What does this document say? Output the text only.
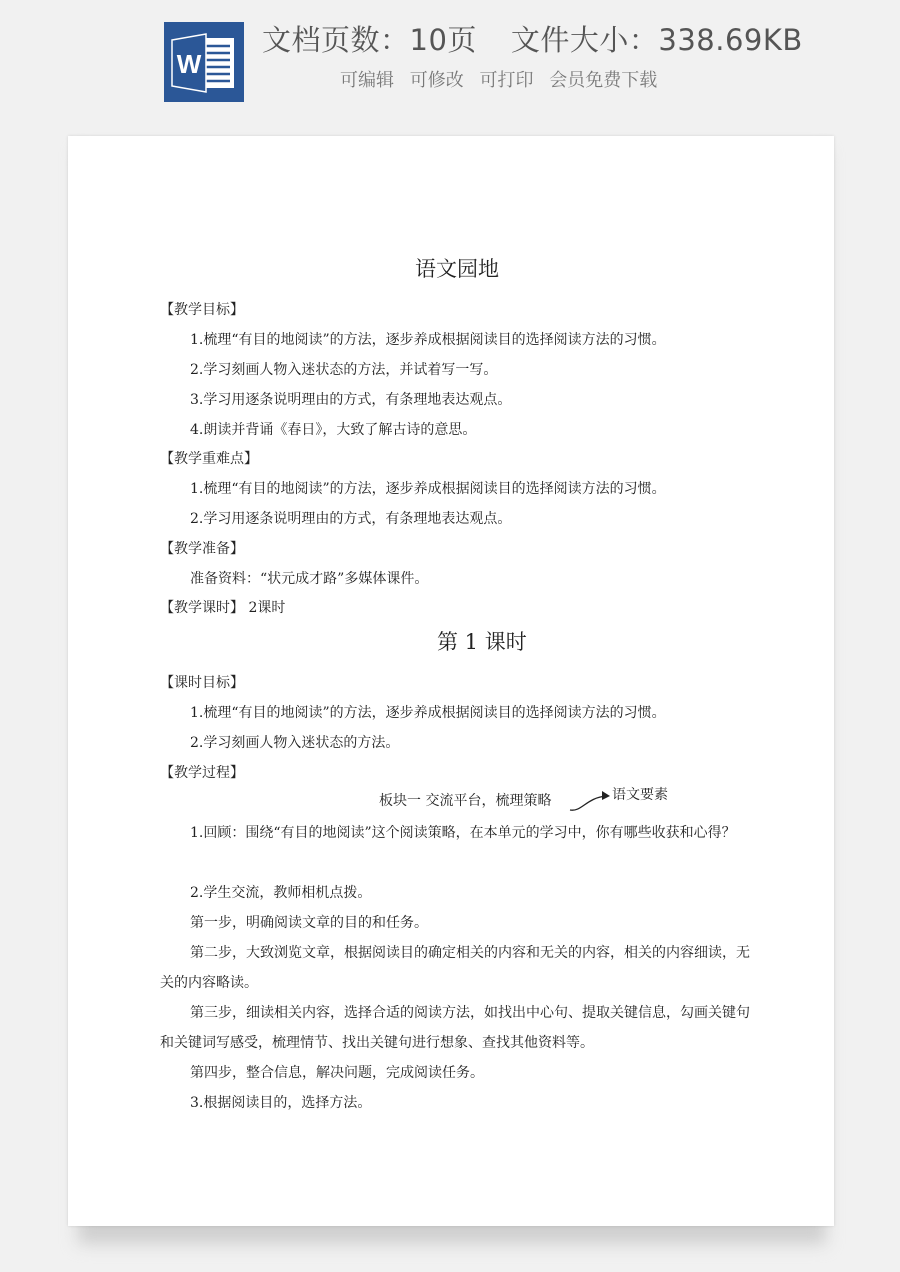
W
文档页数：10页 文件大小：338.69KB
可编辑 可修改 可打印 会员免费下载
语文园地
【教学目标】
1.梳理“有目的地阅读”的方法，逐步养成根据阅读目的选择阅读方法的习惯。
2.学习刻画人物入迷状态的方法，并试着写一写。
3.学习用逐条说明理由的方式，有条理地表达观点。
4.朗读并背诵《春日》，大致了解古诗的意思。
【教学重难点】
1.梳理“有目的地阅读”的方法，逐步养成根据阅读目的选择阅读方法的习惯。
2.学习用逐条说明理由的方式，有条理地表达观点。
【教学准备】
准备资料：“状元成才路”多媒体课件。
【教学课时】 2课时
第 1 课时
【课时目标】
1.梳理“有目的地阅读”的方法，逐步养成根据阅读目的选择阅读方法的习惯。
2.学习刻画人物入迷状态的方法。
【教学过程】
板块一 交流平台，梳理策略	语文要素
1.回顾：围绕“有目的地阅读”这个阅读策略，在本单元的学习中，你有哪些收获和心得？
2.学生交流，教师相机点拨。
第一步，明确阅读文章的目的和任务。
第二步，大致浏览文章，根据阅读目的确定相关的内容和无关的内容，相关的内容细读，无关的内容略读。
第三步，细读相关内容，选择合适的阅读方法，如找出中心句、提取关键信息，勾画关键句和关键词写感受，梳理情节、找出关键句进行想象、查找其他资料等。
第四步，整合信息，解决问题，完成阅读任务。
3.根据阅读目的，选择方法。
